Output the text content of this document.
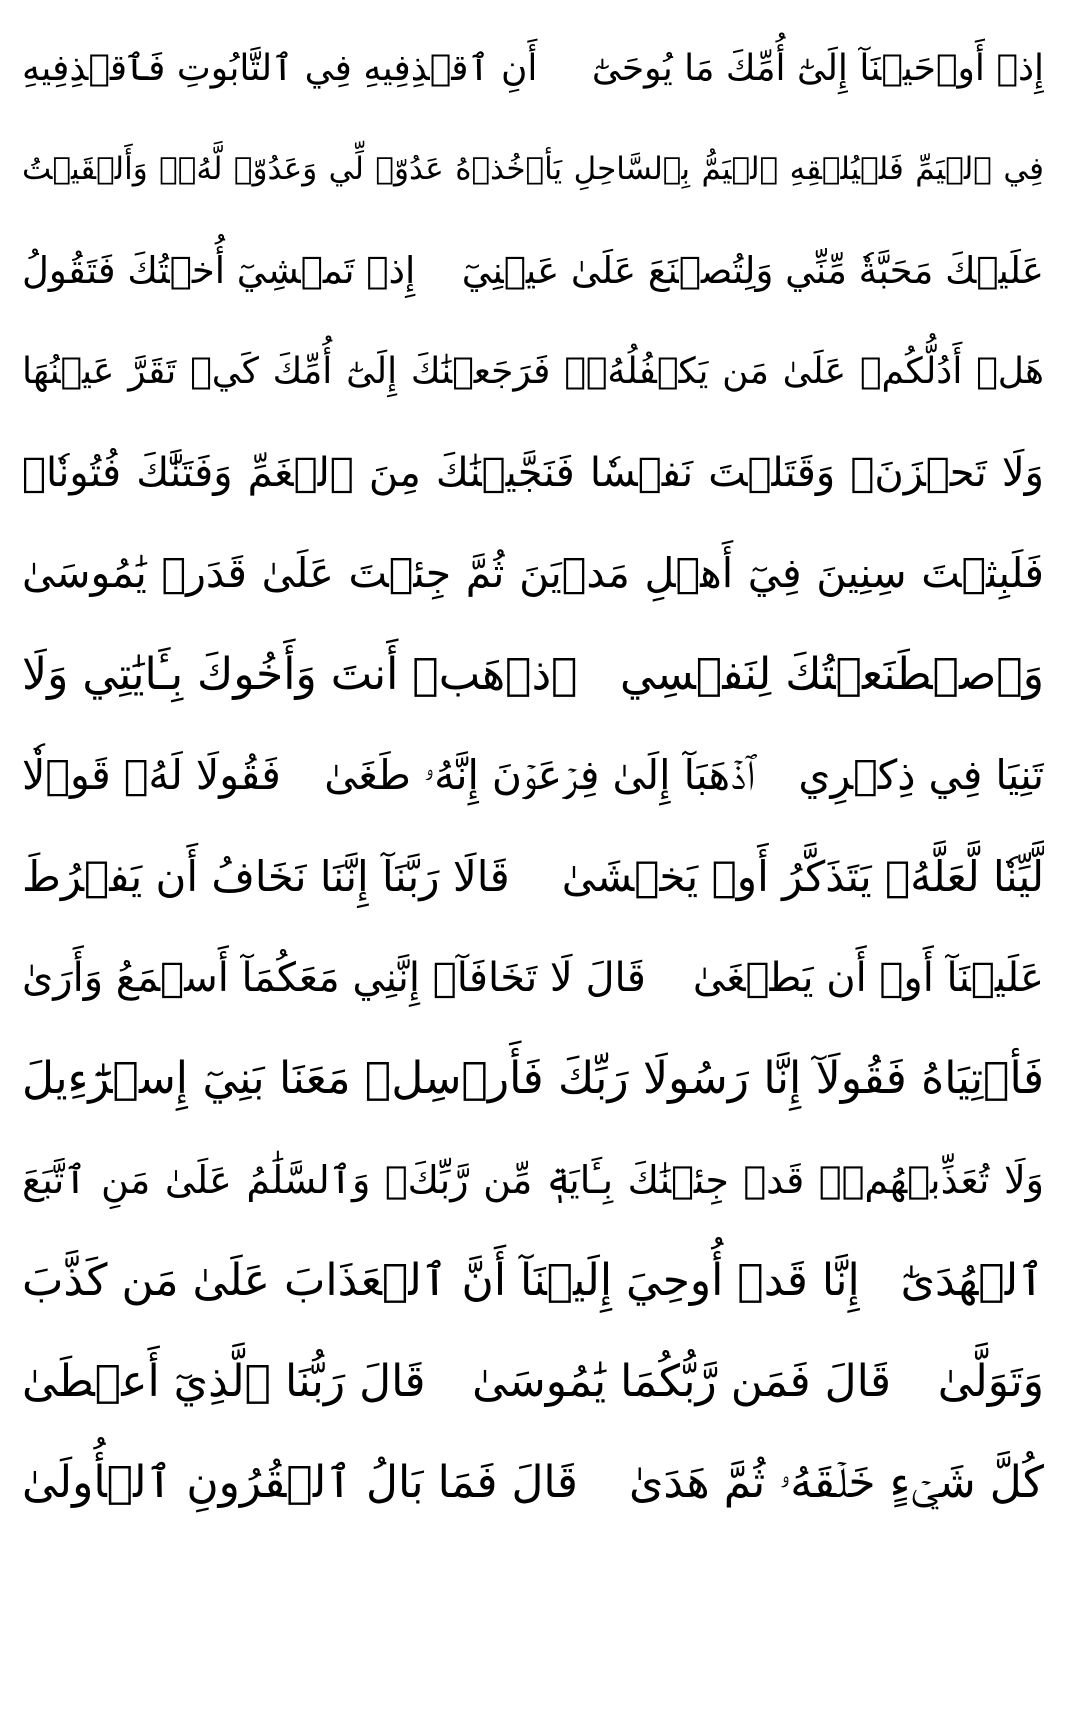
إِذۡ أَوۡحَيۡنَآ إِلَىٰٓ أُمِّكَ مَا يُوحَىٰٓ
أَنِ ٱقۡذِفِيهِ فِي ٱلتَّابُوتِ فَٱقۡذِفِيهِ
فِي ٱلۡيَمِّ فَلۡيُلۡقِهِ ٱلۡيَمُّ بِٱلسَّاحِلِ يَأۡخُذۡهُ عَدُوّٞ لِّي وَعَدُوّٞ لَّهُۥۚ وَأَلۡقَيۡتُ
عَلَيۡكَ مَحَبَّةٗ مِّنِّي وَلِتُصۡنَعَ عَلَىٰ عَيۡنِيٓ
إِذۡ تَمۡشِيٓ أُخۡتُكَ فَتَقُولُ
هَلۡ أَدُلُّكُمۡ عَلَىٰ مَن يَكۡفُلُهُۥۖ فَرَجَعۡنَٰكَ إِلَىٰٓ أُمِّكَ كَيۡ تَقَرَّ عَيۡنُهَا
وَلَا تَحۡزَنَۚ وَقَتَلۡتَ نَفۡسٗا فَنَجَّيۡنَٰكَ مِنَ ٱلۡغَمِّ وَفَتَنَّٰكَ فُتُونٗاۚ
فَلَبِثۡتَ سِنِينَ فِيٓ أَهۡلِ مَدۡيَنَ ثُمَّ جِئۡتَ عَلَىٰ قَدَرٖ يَٰمُوسَىٰ
وَٱصۡطَنَعۡتُكَ لِنَفۡسِي
ٱذۡهَبۡ أَنتَ وَأَخُوكَ بِـَٔايَٰتِي وَلَا
تَنِيَا فِي ذِكۡرِي
ٱذۡهَبَآ إِلَىٰ فِرۡعَوۡنَ إِنَّهُۥ طَغَىٰ
فَقُولَا لَهُۥ قَوۡلٗا
لَّيِّنٗا لَّعَلَّهُۥ يَتَذَكَّرُ أَوۡ يَخۡشَىٰ
قَالَا رَبَّنَآ إِنَّنَا نَخَافُ أَن يَفۡرُطَ
عَلَيۡنَآ أَوۡ أَن يَطۡغَىٰ
قَالَ لَا تَخَافَآۖ إِنَّنِي مَعَكُمَآ أَسۡمَعُ وَأَرَىٰ
فَأۡتِيَاهُ فَقُولَآ إِنَّا رَسُولَا رَبِّكَ فَأَرۡسِلۡ مَعَنَا بَنِيٓ إِسۡرَٰٓءِيلَ
وَلَا تُعَذِّبۡهُمۡۖ قَدۡ جِئۡنَٰكَ بِـَٔايَةٖ مِّن رَّبِّكَۖ وَٱلسَّلَٰمُ عَلَىٰ مَنِ ٱتَّبَعَ
ٱلۡهُدَىٰٓ
إِنَّا قَدۡ أُوحِيَ إِلَيۡنَآ أَنَّ ٱلۡعَذَابَ عَلَىٰ مَن كَذَّبَ
وَتَوَلَّىٰ
قَالَ فَمَن رَّبُّكُمَا يَٰمُوسَىٰ
قَالَ رَبُّنَا ٱلَّذِيٓ أَعۡطَىٰ
كُلَّ شَيۡءٍ خَلۡقَهُۥ ثُمَّ هَدَىٰ
قَالَ فَمَا بَالُ ٱلۡقُرُونِ ٱلۡأُولَىٰ
